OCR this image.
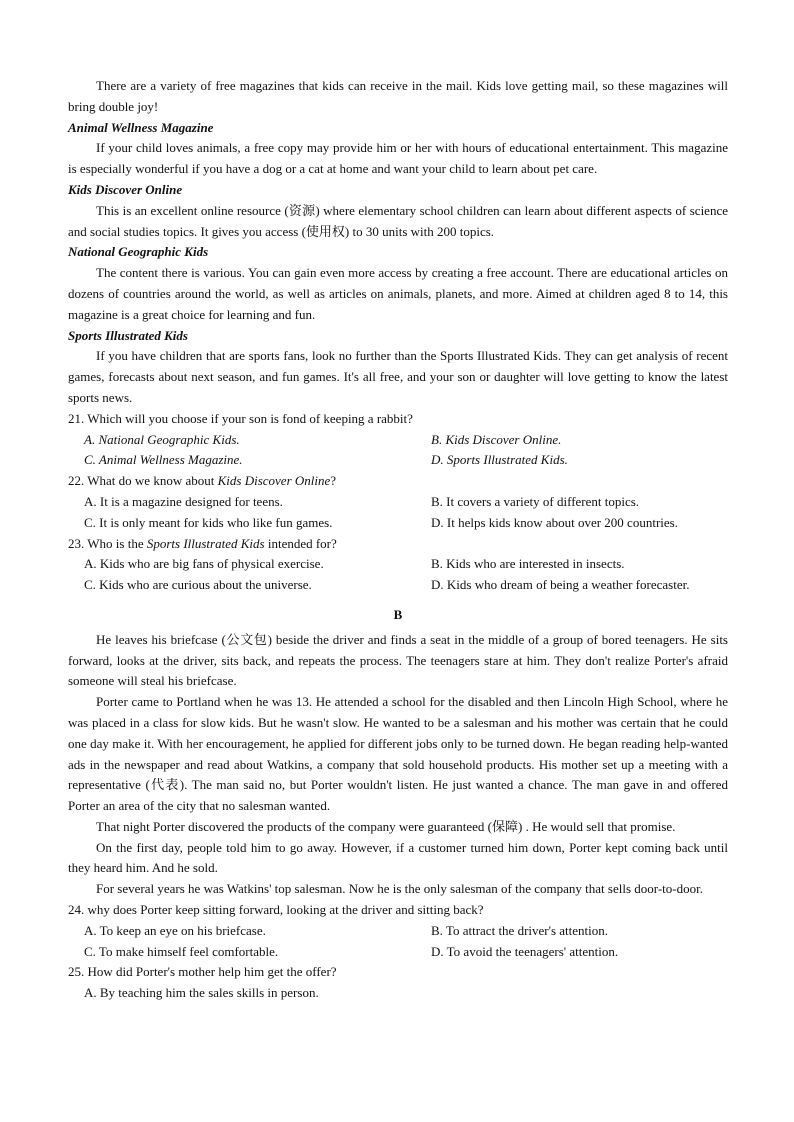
There are a variety of free magazines that kids can receive in the mail. Kids love getting mail, so these magazines will bring double joy!

Animal Wellness Magazine

If your child loves animals, a free copy may provide him or her with hours of educational entertainment. This magazine is especially wonderful if you have a dog or a cat at home and want your child to learn about pet care.

Kids Discover Online

This is an excellent online resource (资源) where elementary school children can learn about different aspects of science and social studies topics. It gives you access (使用权) to 30 units with 200 topics.

National Geographic Kids

The content there is various. You can gain even more access by creating a free account. There are educational articles on dozens of countries around the world, as well as articles on animals, planets, and more. Aimed at children aged 8 to 14, this magazine is a great choice for learning and fun.

Sports Illustrated Kids

If you have children that are sports fans, look no further than the Sports Illustrated Kids. They can get analysis of recent games, forecasts about next season, and fun games. It's all free, and your son or daughter will love getting to know the latest sports news.

21. Which will you choose if your son is fond of keeping a rabbit?

A. National Geographic Kids.	B. Kids Discover Online.
C. Animal Wellness Magazine.	D. Sports Illustrated Kids.

22. What do we know about Kids Discover Online?

A. It is a magazine designed for teens.	B. It covers a variety of different topics.
C. It is only meant for kids who like fun games.	D. It helps kids know about over 200 countries.

23. Who is the Sports Illustrated Kids intended for?

A. Kids who are big fans of physical exercise.	B. Kids who are interested in insects.
C. Kids who are curious about the universe.	D. Kids who dream of being a weather forecaster.
B

He leaves his briefcase (公文包) beside the driver and finds a seat in the middle of a group of bored teenagers. He sits forward, looks at the driver, sits back, and repeats the process. The teenagers stare at him. They don't realize Porter's afraid someone will steal his briefcase.

Porter came to Portland when he was 13. He attended a school for the disabled and then Lincoln High School, where he was placed in a class for slow kids. But he wasn't slow. He wanted to be a salesman and his mother was certain that he could one day make it. With her encouragement, he applied for different jobs only to be turned down. He began reading help-wanted ads in the newspaper and read about Watkins, a company that sold household products. His mother set up a meeting with a representative (代表). The man said no, but Porter wouldn't listen. He just wanted a chance. The man gave in and offered Porter an area of the city that no salesman wanted.

That night Porter discovered the products of the company were guaranteed (保障) . He would sell that promise.

On the first day, people told him to go away. However, if a customer turned him down, Porter kept coming back until they heard him. And he sold.

For several years he was Watkins' top salesman. Now he is the only salesman of the company that sells door-to-door.

24. why does Porter keep sitting forward, looking at the driver and sitting back?

A. To keep an eye on his briefcase.	B. To attract the driver's attention.
C. To make himself feel comfortable.	D. To avoid the teenagers' attention.

25. How did Porter's mother help him get the offer?

A. By teaching him the sales skills in person.
